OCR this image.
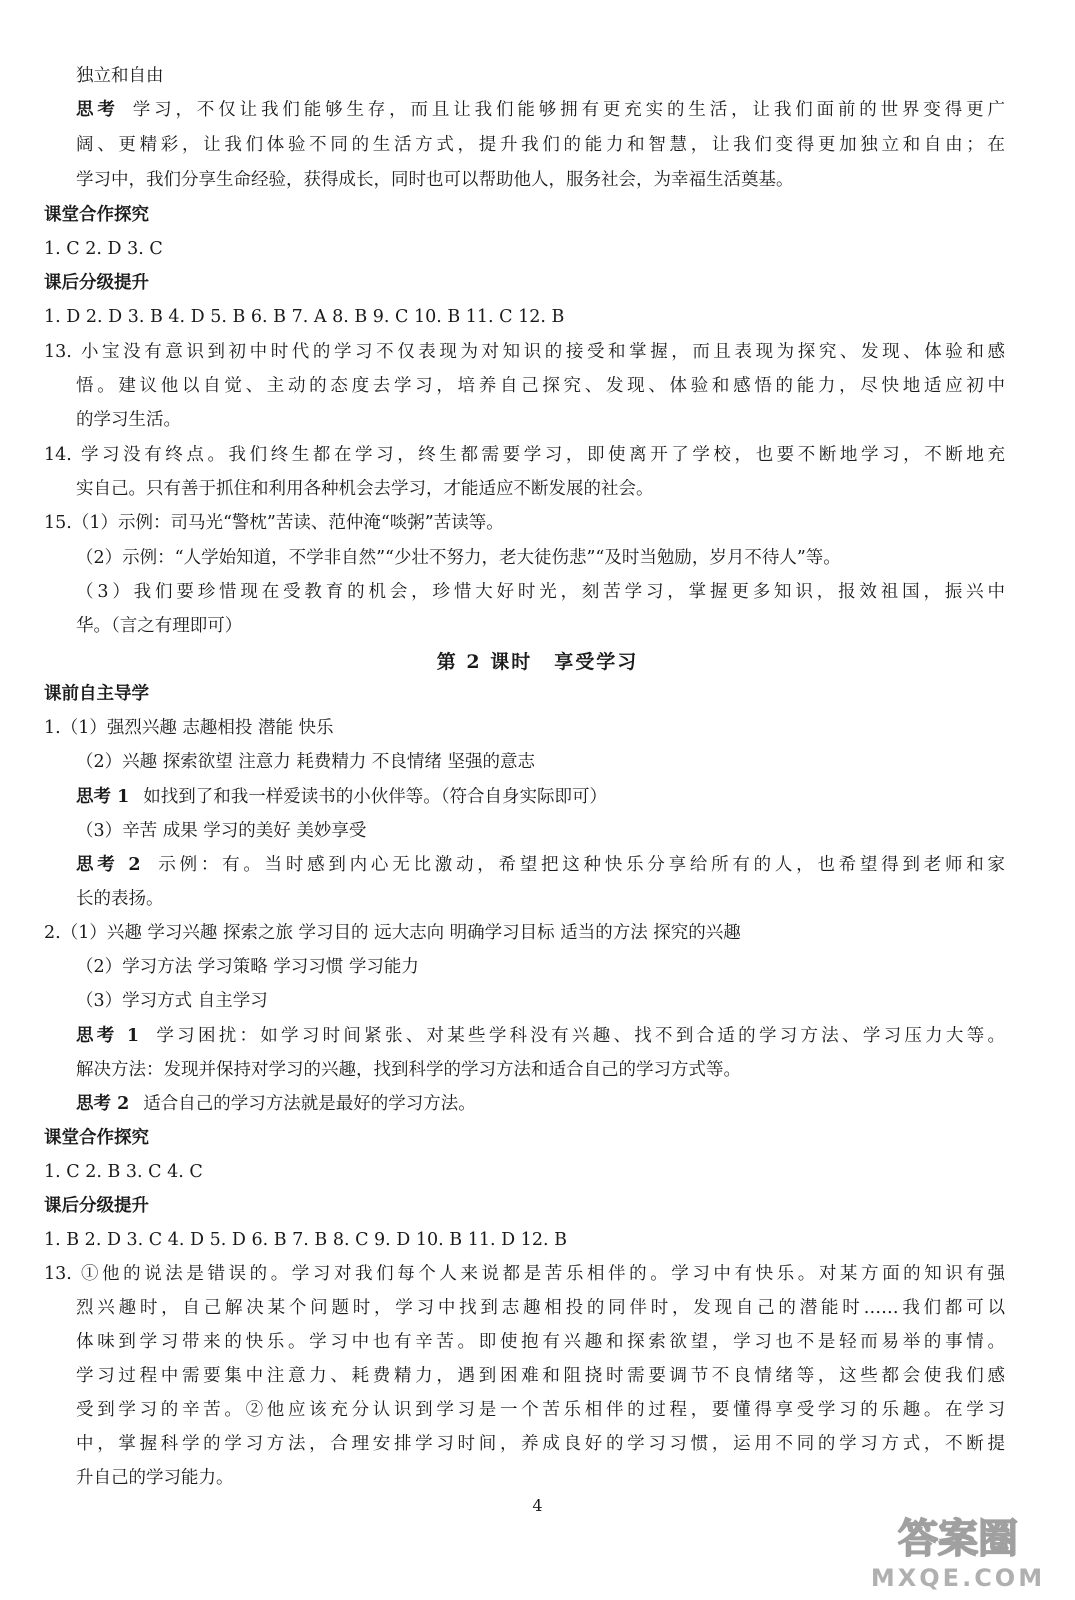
独立和自由
思考 学习，不仅让我们能够生存，而且让我们能够拥有更充实的生活，让我们面前的世界变得更广
阔、更精彩，让我们体验不同的生活方式，提升我们的能力和智慧，让我们变得更加独立和自由；在
学习中，我们分享生命经验，获得成长，同时也可以帮助他人，服务社会，为幸福生活奠基。
课堂合作探究
1. C 2. D 3. C
课后分级提升
1. D 2. D 3. B 4. D 5. B 6. B 7. A 8. B 9. C 10. B 11. C 12. B
13. 小宝没有意识到初中时代的学习不仅表现为对知识的接受和掌握，而且表现为探究、发现、体验和感
悟。建议他以自觉、主动的态度去学习，培养自己探究、发现、体验和感悟的能力，尽快地适应初中
的学习生活。
14. 学习没有终点。我们终生都在学习，终生都需要学习，即使离开了学校，也要不断地学习，不断地充
实自己。只有善于抓住和利用各种机会去学习，才能适应不断发展的社会。
15.（1）示例：司马光“警枕”苦读、范仲淹“啖粥”苦读等。
（2）示例：“人学始知道，不学非自然”“少壮不努力，老大徒伤悲”“及时当勉励，岁月不待人”等。
（3）我们要珍惜现在受教育的机会，珍惜大好时光，刻苦学习，掌握更多知识，报效祖国，振兴中
华。（言之有理即可）
第 2 课时 享受学习
课前自主导学
1.（1）强烈兴趣 志趣相投 潜能 快乐
（2）兴趣 探索欲望 注意力 耗费精力 不良情绪 坚强的意志
思考 1 如找到了和我一样爱读书的小伙伴等。（符合自身实际即可）
（3）辛苦 成果 学习的美好 美妙享受
思考 2 示例：有。当时感到内心无比激动，希望把这种快乐分享给所有的人，也希望得到老师和家
长的表扬。
2.（1）兴趣 学习兴趣 探索之旅 学习目的 远大志向 明确学习目标 适当的方法 探究的兴趣
（2）学习方法 学习策略 学习习惯 学习能力
（3）学习方式 自主学习
思考 1 学习困扰：如学习时间紧张、对某些学科没有兴趣、找不到合适的学习方法、学习压力大等。
解决方法：发现并保持对学习的兴趣，找到科学的学习方法和适合自己的学习方式等。
思考 2 适合自己的学习方法就是最好的学习方法。
课堂合作探究
1. C 2. B 3. C 4. C
课后分级提升
1. B 2. D 3. C 4. D 5. D 6. B 7. B 8. C 9. D 10. B 11. D 12. B
13. ①他的说法是错误的。学习对我们每个人来说都是苦乐相伴的。学习中有快乐。对某方面的知识有强
烈兴趣时，自己解决某个问题时，学习中找到志趣相投的同伴时，发现自己的潜能时……我们都可以
体味到学习带来的快乐。学习中也有辛苦。即使抱有兴趣和探索欲望，学习也不是轻而易举的事情。
学习过程中需要集中注意力、耗费精力，遇到困难和阻挠时需要调节不良情绪等，这些都会使我们感
受到学习的辛苦。②他应该充分认识到学习是一个苦乐相伴的过程，要懂得享受学习的乐趣。在学习
中，掌握科学的学习方法，合理安排学习时间，养成良好的学习习惯，运用不同的学习方式，不断提
升自己的学习能力。
4
答案圈
MXQE.COM
